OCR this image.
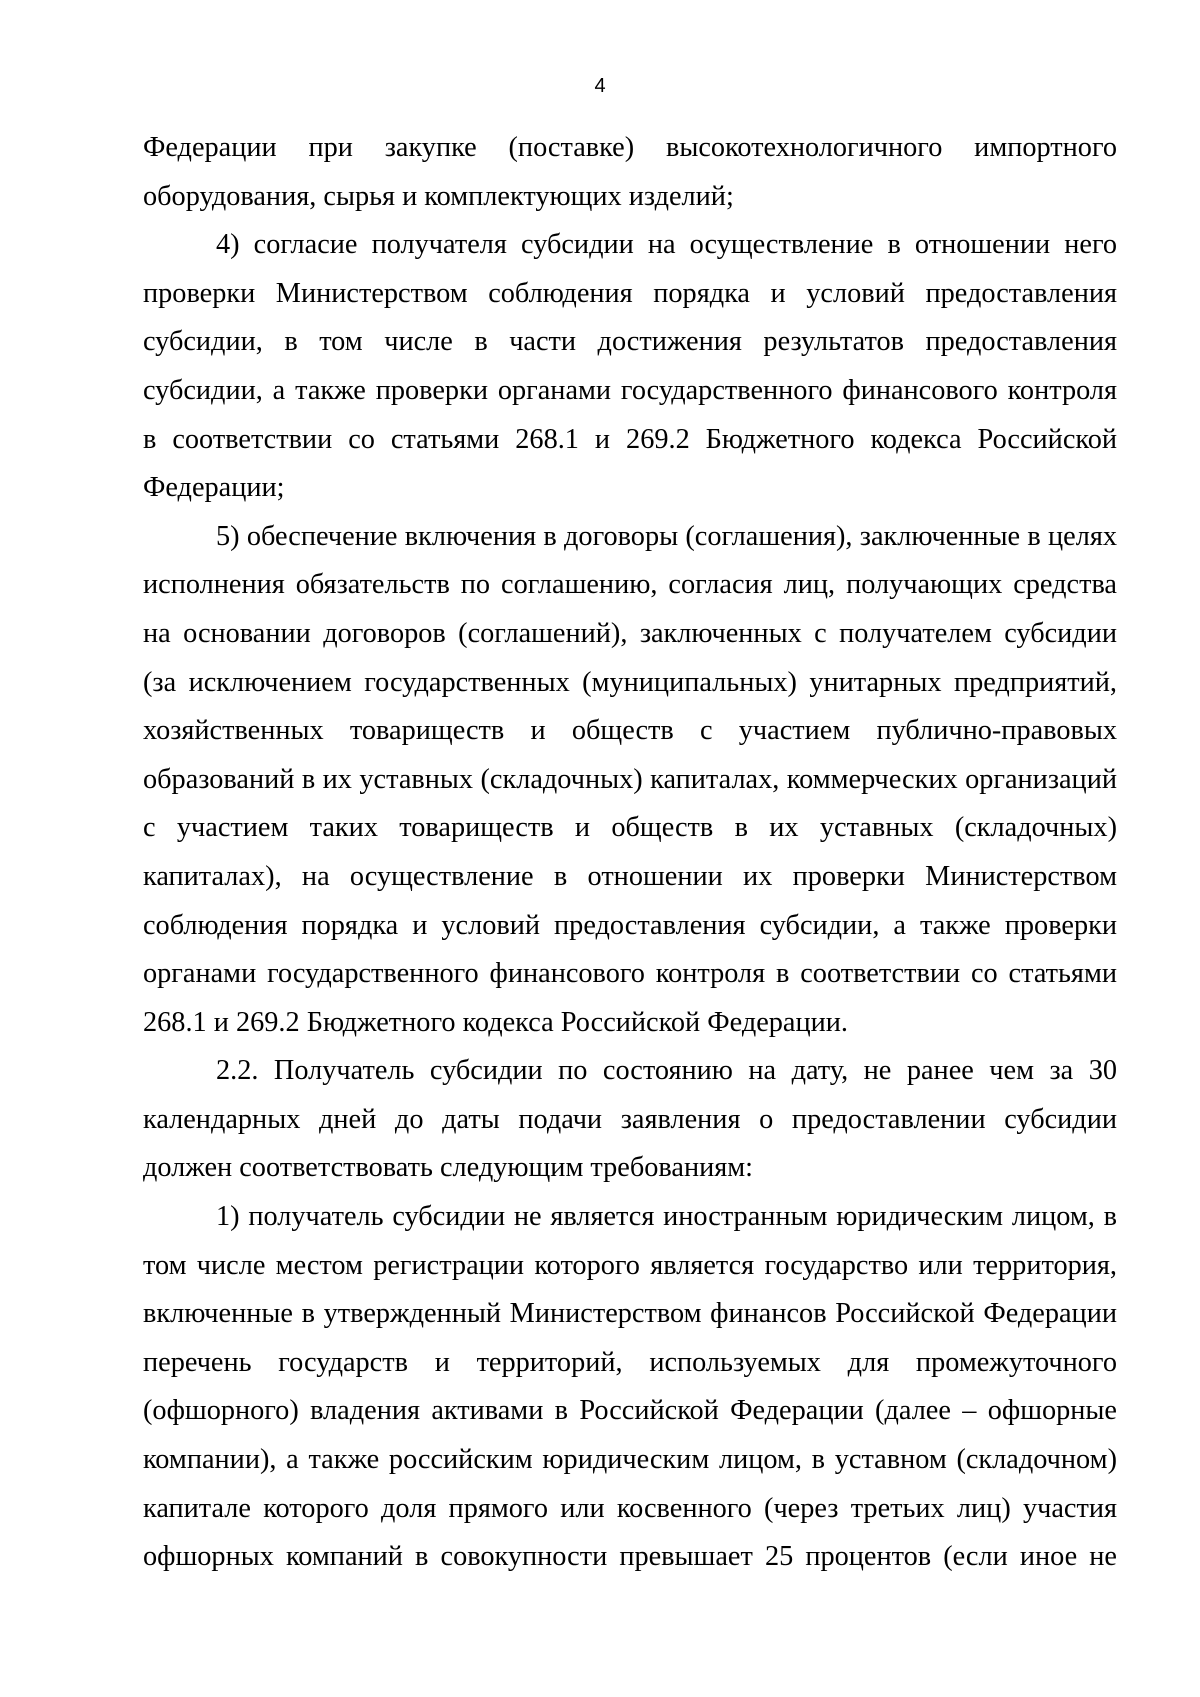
4

Федерации при закупке (поставке) высокотехнологичного импортного оборудования, сырья и комплектующих изделий;

4) согласие получателя субсидии на осуществление в отношении него проверки Министерством соблюдения порядка и условий предоставления субсидии, в том числе в части достижения результатов предоставления субсидии, а также проверки органами государственного финансового контроля в соответствии со статьями 268.1 и 269.2 Бюджетного кодекса Российской Федерации;

5) обеспечение включения в договоры (соглашения), заключенные в целях исполнения обязательств по соглашению, согласия лиц, получающих средства на основании договоров (соглашений), заключенных с получателем субсидии (за исключением государственных (муниципальных) унитарных предприятий, хозяйственных товариществ и обществ с участием публично-правовых образований в их уставных (складочных) капиталах, коммерческих организаций с участием таких товариществ и обществ в их уставных (складочных) капиталах), на осуществление в отношении их проверки Министерством соблюдения порядка и условий предоставления субсидии, а также проверки органами государственного финансового контроля в соответствии со статьями 268.1 и 269.2 Бюджетного кодекса Российской Федерации.

2.2. Получатель субсидии по состоянию на дату, не ранее чем за 30 календарных дней до даты подачи заявления о предоставлении субсидии должен соответствовать следующим требованиям:

1) получатель субсидии не является иностранным юридическим лицом, в том числе местом регистрации которого является государство или территория, включенные в утвержденный Министерством финансов Российской Федерации перечень государств и территорий, используемых для промежуточного (офшорного) владения активами в Российской Федерации (далее – офшорные компании), а также российским юридическим лицом, в уставном (складочном) капитале которого доля прямого или косвенного (через третьих лиц) участия офшорных компаний в совокупности превышает 25 процентов (если иное не
